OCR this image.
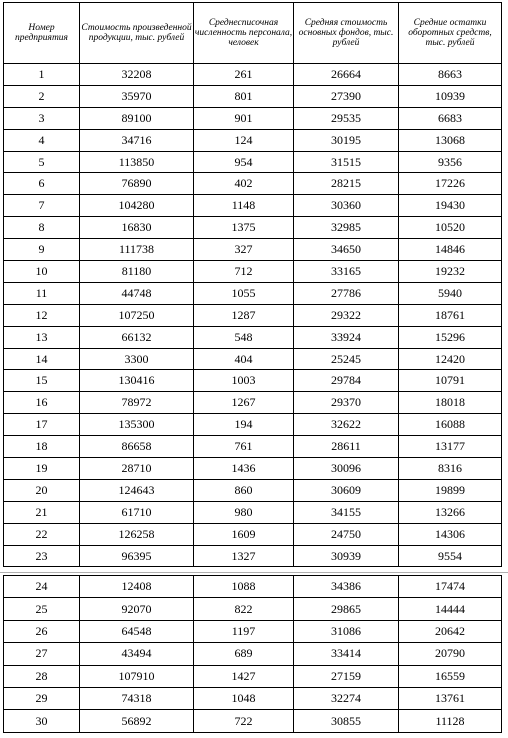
Номер предприятия	Стоимость произведенной продукции, тыс. рублей	Среднесписочная численность персонала, человек	Средняя стоимость основных фондов, тыс. рублей	Средние остатки оборотных средств, тыс. рублей
1	32208	261	26664	8663
2	35970	801	27390	10939
3	89100	901	29535	6683
4	34716	124	30195	13068
5	113850	954	31515	9356
6	76890	402	28215	17226
7	104280	1148	30360	19430
8	16830	1375	32985	10520
9	111738	327	34650	14846
10	81180	712	33165	19232
11	44748	1055	27786	5940
12	107250	1287	29322	18761
13	66132	548	33924	15296
14	3300	404	25245	12420
15	130416	1003	29784	10791
16	78972	1267	29370	18018
17	135300	194	32622	16088
18	86658	761	28611	13177
19	28710	1436	30096	8316
20	124643	860	30609	19899
21	61710	980	34155	13266
22	126258	1609	24750	14306
23	96395	1327	30939	9554
24	12408	1088	34386	17474
25	92070	822	29865	14444
26	64548	1197	31086	20642
27	43494	689	33414	20790
28	107910	1427	27159	16559
29	74318	1048	32274	13761
30	56892	722	30855	11128
